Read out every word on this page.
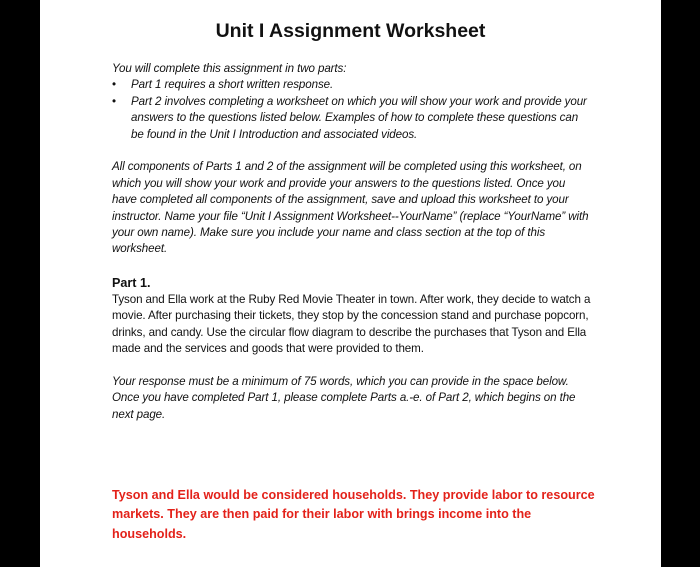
Unit I Assignment Worksheet

You will complete this assignment in two parts:

•	Part 1 requires a short written response.
•	Part 2 involves completing a worksheet on which you will show your work and provide your answers to the questions listed below. Examples of how to complete these questions can be found in the Unit I Introduction and associated videos.

All components of Parts 1 and 2 of the assignment will be completed using this worksheet, on which you will show your work and provide your answers to the questions listed. Once you have completed all components of the assignment, save and upload this worksheet to your instructor. Name your file “Unit I Assignment Worksheet--YourName” (replace “YourName” with your own name). Make sure you include your name and class section at the top of this worksheet.

Part 1.
Tyson and Ella work at the Ruby Red Movie Theater in town. After work, they decide to watch a movie. After purchasing their tickets, they stop by the concession stand and purchase popcorn, drinks, and candy. Use the circular flow diagram to describe the purchases that Tyson and Ella made and the services and goods that were provided to them.
Your response must be a minimum of 75 words, which you can provide in the space below. Once you have completed Part 1, please complete Parts a.-e. of Part 2, which begins on the next page.
Tyson and Ella would be considered households. They provide labor to resource markets. They are then paid for their labor with brings income into the households.
